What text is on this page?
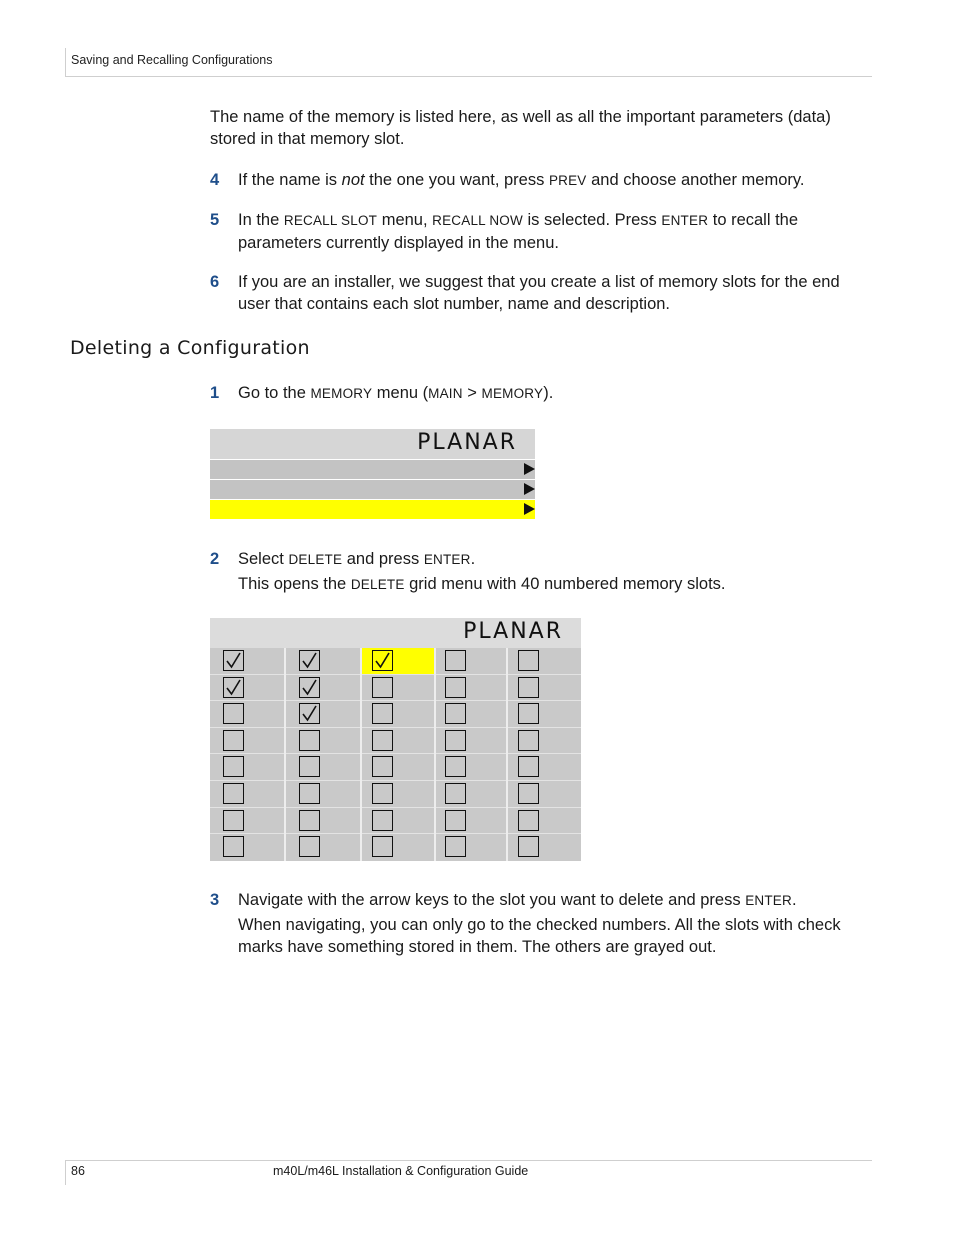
Saving and Recalling Configurations
The name of the memory is listed here, as well as all the important parameters (data) stored in that memory slot.
4	If the name is not the one you want, press PREV and choose another memory.
5	In the RECALL SLOT menu, RECALL NOW is selected. Press ENTER to recall the parameters currently displayed in the menu.
6	If you are an installer, we suggest that you create a list of memory slots for the end user that contains each slot number, name and description.
Deleting a Configuration
1	Go to the MEMORY menu (MAIN > MEMORY).
PLANAR
2	Select DELETE and press ENTER.
This opens the DELETE grid menu with 40 numbered memory slots.
PLANAR
3	Navigate with the arrow keys to the slot you want to delete and press ENTER.
When navigating, you can only go to the checked numbers. All the slots with check marks have something stored in them. The others are grayed out.
86	m40L/m46L Installation & Configuration Guide
